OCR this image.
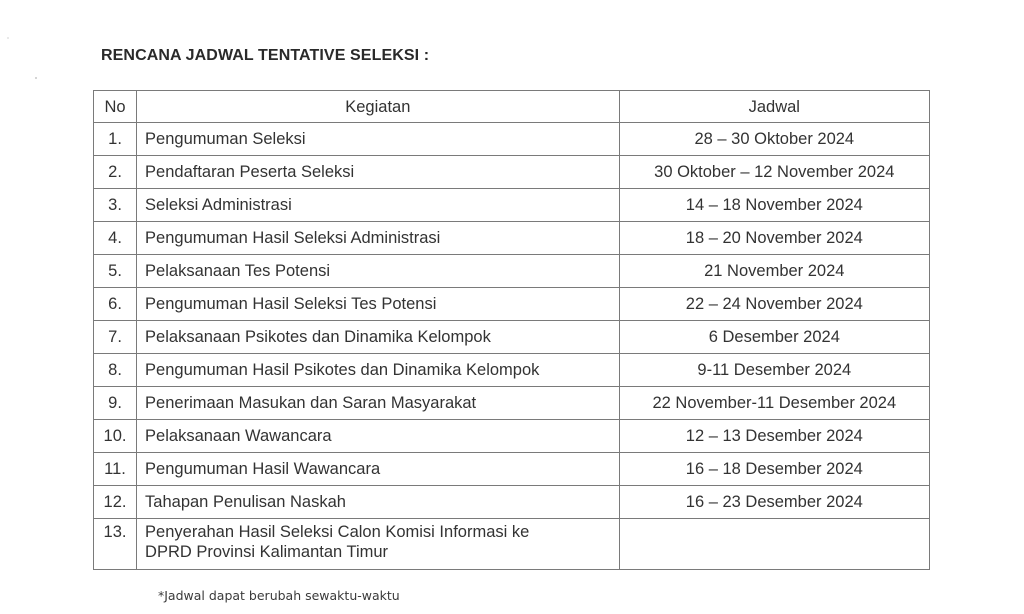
RENCANA JADWAL TENTATIVE SELEKSI :
No	Kegiatan	Jadwal
1.	Pengumuman Seleksi	28 – 30 Oktober 2024
2.	Pendaftaran Peserta Seleksi	30 Oktober – 12 November 2024
3.	Seleksi Administrasi	14 – 18 November 2024
4.	Pengumuman Hasil Seleksi Administrasi	18 – 20 November 2024
5.	Pelaksanaan Tes Potensi	21 November 2024
6.	Pengumuman Hasil Seleksi Tes Potensi	22 – 24 November 2024
7.	Pelaksanaan Psikotes dan Dinamika Kelompok	6 Desember 2024
8.	Pengumuman Hasil Psikotes dan Dinamika Kelompok	9-11 Desember 2024
9.	Penerimaan Masukan dan Saran Masyarakat	22 November-11 Desember 2024
10.	Pelaksanaan Wawancara	12 – 13 Desember 2024
11.	Pengumuman Hasil Wawancara	16 – 18 Desember 2024
12.	Tahapan Penulisan Naskah	16 – 23 Desember 2024
13.	Penyerahan Hasil Seleksi Calon Komisi Informasi ke
DPRD Provinsi Kalimantan Timur	

*Jadwal dapat berubah sewaktu-waktu
